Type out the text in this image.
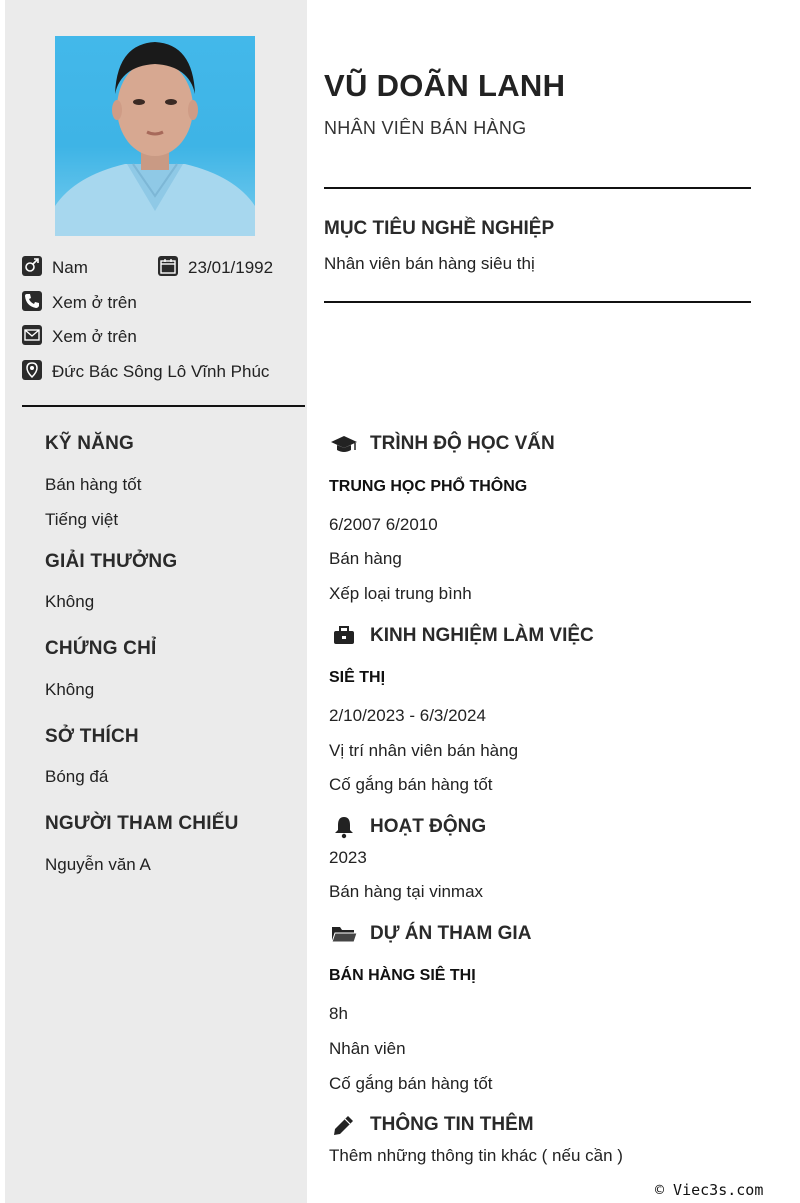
Nam	23/01/1992
Xem ở trên
Xem ở trên
Đức Bác Sông Lô Vĩnh Phúc
KỸ NĂNG
Bán hàng tốt
Tiếng việt
GIẢI THƯỞNG
Không
CHỨNG CHỈ
Không
SỞ THÍCH
Bóng đá
NGƯỜI THAM CHIẾU
Nguyễn văn A
VŨ DOÃN LANH
NHÂN VIÊN BÁN HÀNG
MỤC TIÊU NGHỀ NGHIỆP
Nhân viên bán hàng siêu thị
TRÌNH ĐỘ HỌC VẤN
TRUNG HỌC PHỔ THÔNG
6/2007 6/2010
Bán hàng
Xếp loại trung bình
KINH NGHIỆM LÀM VIỆC
SIÊ THỊ
2/10/2023 - 6/3/2024
Vị trí nhân viên bán hàng
Cố gắng bán hàng tốt
HOẠT ĐỘNG
2023
Bán hàng tại vinmax
DỰ ÁN THAM GIA
BÁN HÀNG SIÊ THỊ
8h
Nhân viên
Cố gắng bán hàng tốt
THÔNG TIN THÊM
Thêm những thông tin khác ( nếu cần )
© Viec3s.com
